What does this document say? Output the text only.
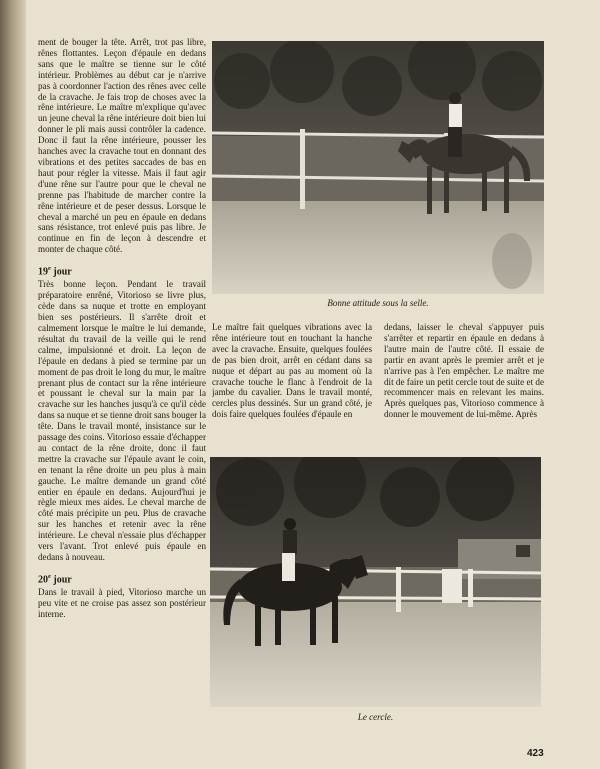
ment de bouger la tête. Arrêt, trot pas libre, rênes flottantes. Leçon d'épaule en dedans sans que le maître se tienne sur le côté intérieur. Problèmes au début car je n'arrive pas à coordonner l'action des rênes avec celle de la cravache. Je fais trop de choses avec la rêne intérieure. Le maître m'explique qu'avec un jeune cheval la rêne intérieure doit bien lui donner le pli mais aussi contrôler la cadence. Donc il faut la rêne intérieure, pousser les hanches avec la cravache tout en donnant des vibrations et des petites saccades de bas en haut pour régler la vitesse. Mais il faut agir d'une rêne sur l'autre pour que le cheval ne prenne pas l'habitude de marcher contre la rêne intérieure et de peser dessus. Lorsque le cheval a marché un peu en épaule en dedans sans résistance, trot enlevé puis pas libre. Je continue en fin de leçon à descendre et monter de chaque côté.

19e jour

Très bonne leçon. Pendant le travail préparatoire enrêné, Vitorioso se livre plus, cède dans sa nuque et trotte en employant bien ses postérieurs. Il s'arrête droit et calmement lorsque le maître le lui demande, résultat du travail de la veille qui le rend calme, impulsionné et droit. La leçon de l'épaule en dedans à pied se termine par un moment de pas droit le long du mur, le maître prenant plus de contact sur la rêne intérieure et poussant le cheval sur la main par la cravache sur les hanches jusqu'à ce qu'il cède dans sa nuque et se tienne droit sans bouger la tête. Dans le travail monté, insistance sur le passage des coins. Vitorioso essaie d'échapper au contact de la rêne droite, donc il faut mettre la cravache sur l'épaule avant le coin, en tenant la rêne droite un peu plus à main gauche. Le maître demande un grand côté entier en épaule en dedans. Aujourd'hui je règle mieux mes aides. Le cheval marche de côté mais précipite un peu. Plus de cravache sur les hanches et retenir avec la rêne intérieure. Le cheval n'essaie plus d'échapper vers l'avant. Trot enlevé puis épaule en dedans à nouveau.

20e jour

Dans le travail à pied, Vitorioso marche un peu vite et ne croise pas assez son postérieur interne.

Bonne attitude sous la selle.

Le maître fait quelques vibrations avec la rêne intérieure tout en touchant la hanche avec la cravache. Ensuite, quelques foulées de pas bien droit, arrêt en cédant dans sa nuque et départ au pas au moment où la cravache touche le flanc à l'endroit de la jambe du cavalier. Dans le travail monté, cercles plus dessinés. Sur un grand côté, je dois faire quelques foulées d'épaule en

dedans, laisser le cheval s'appuyer puis s'arrêter et repartir en épaule en dedans à l'autre main de l'autre côté. Il essaie de partir en avant après le premier arrêt et je n'arrive pas à l'en empêcher. Le maître me dit de faire un petit cercle tout de suite et de recommencer mais en relevant les mains. Après quelques pas, Vitorioso commence à donner le mouvement de lui-même. Après

Le cercle.
423
